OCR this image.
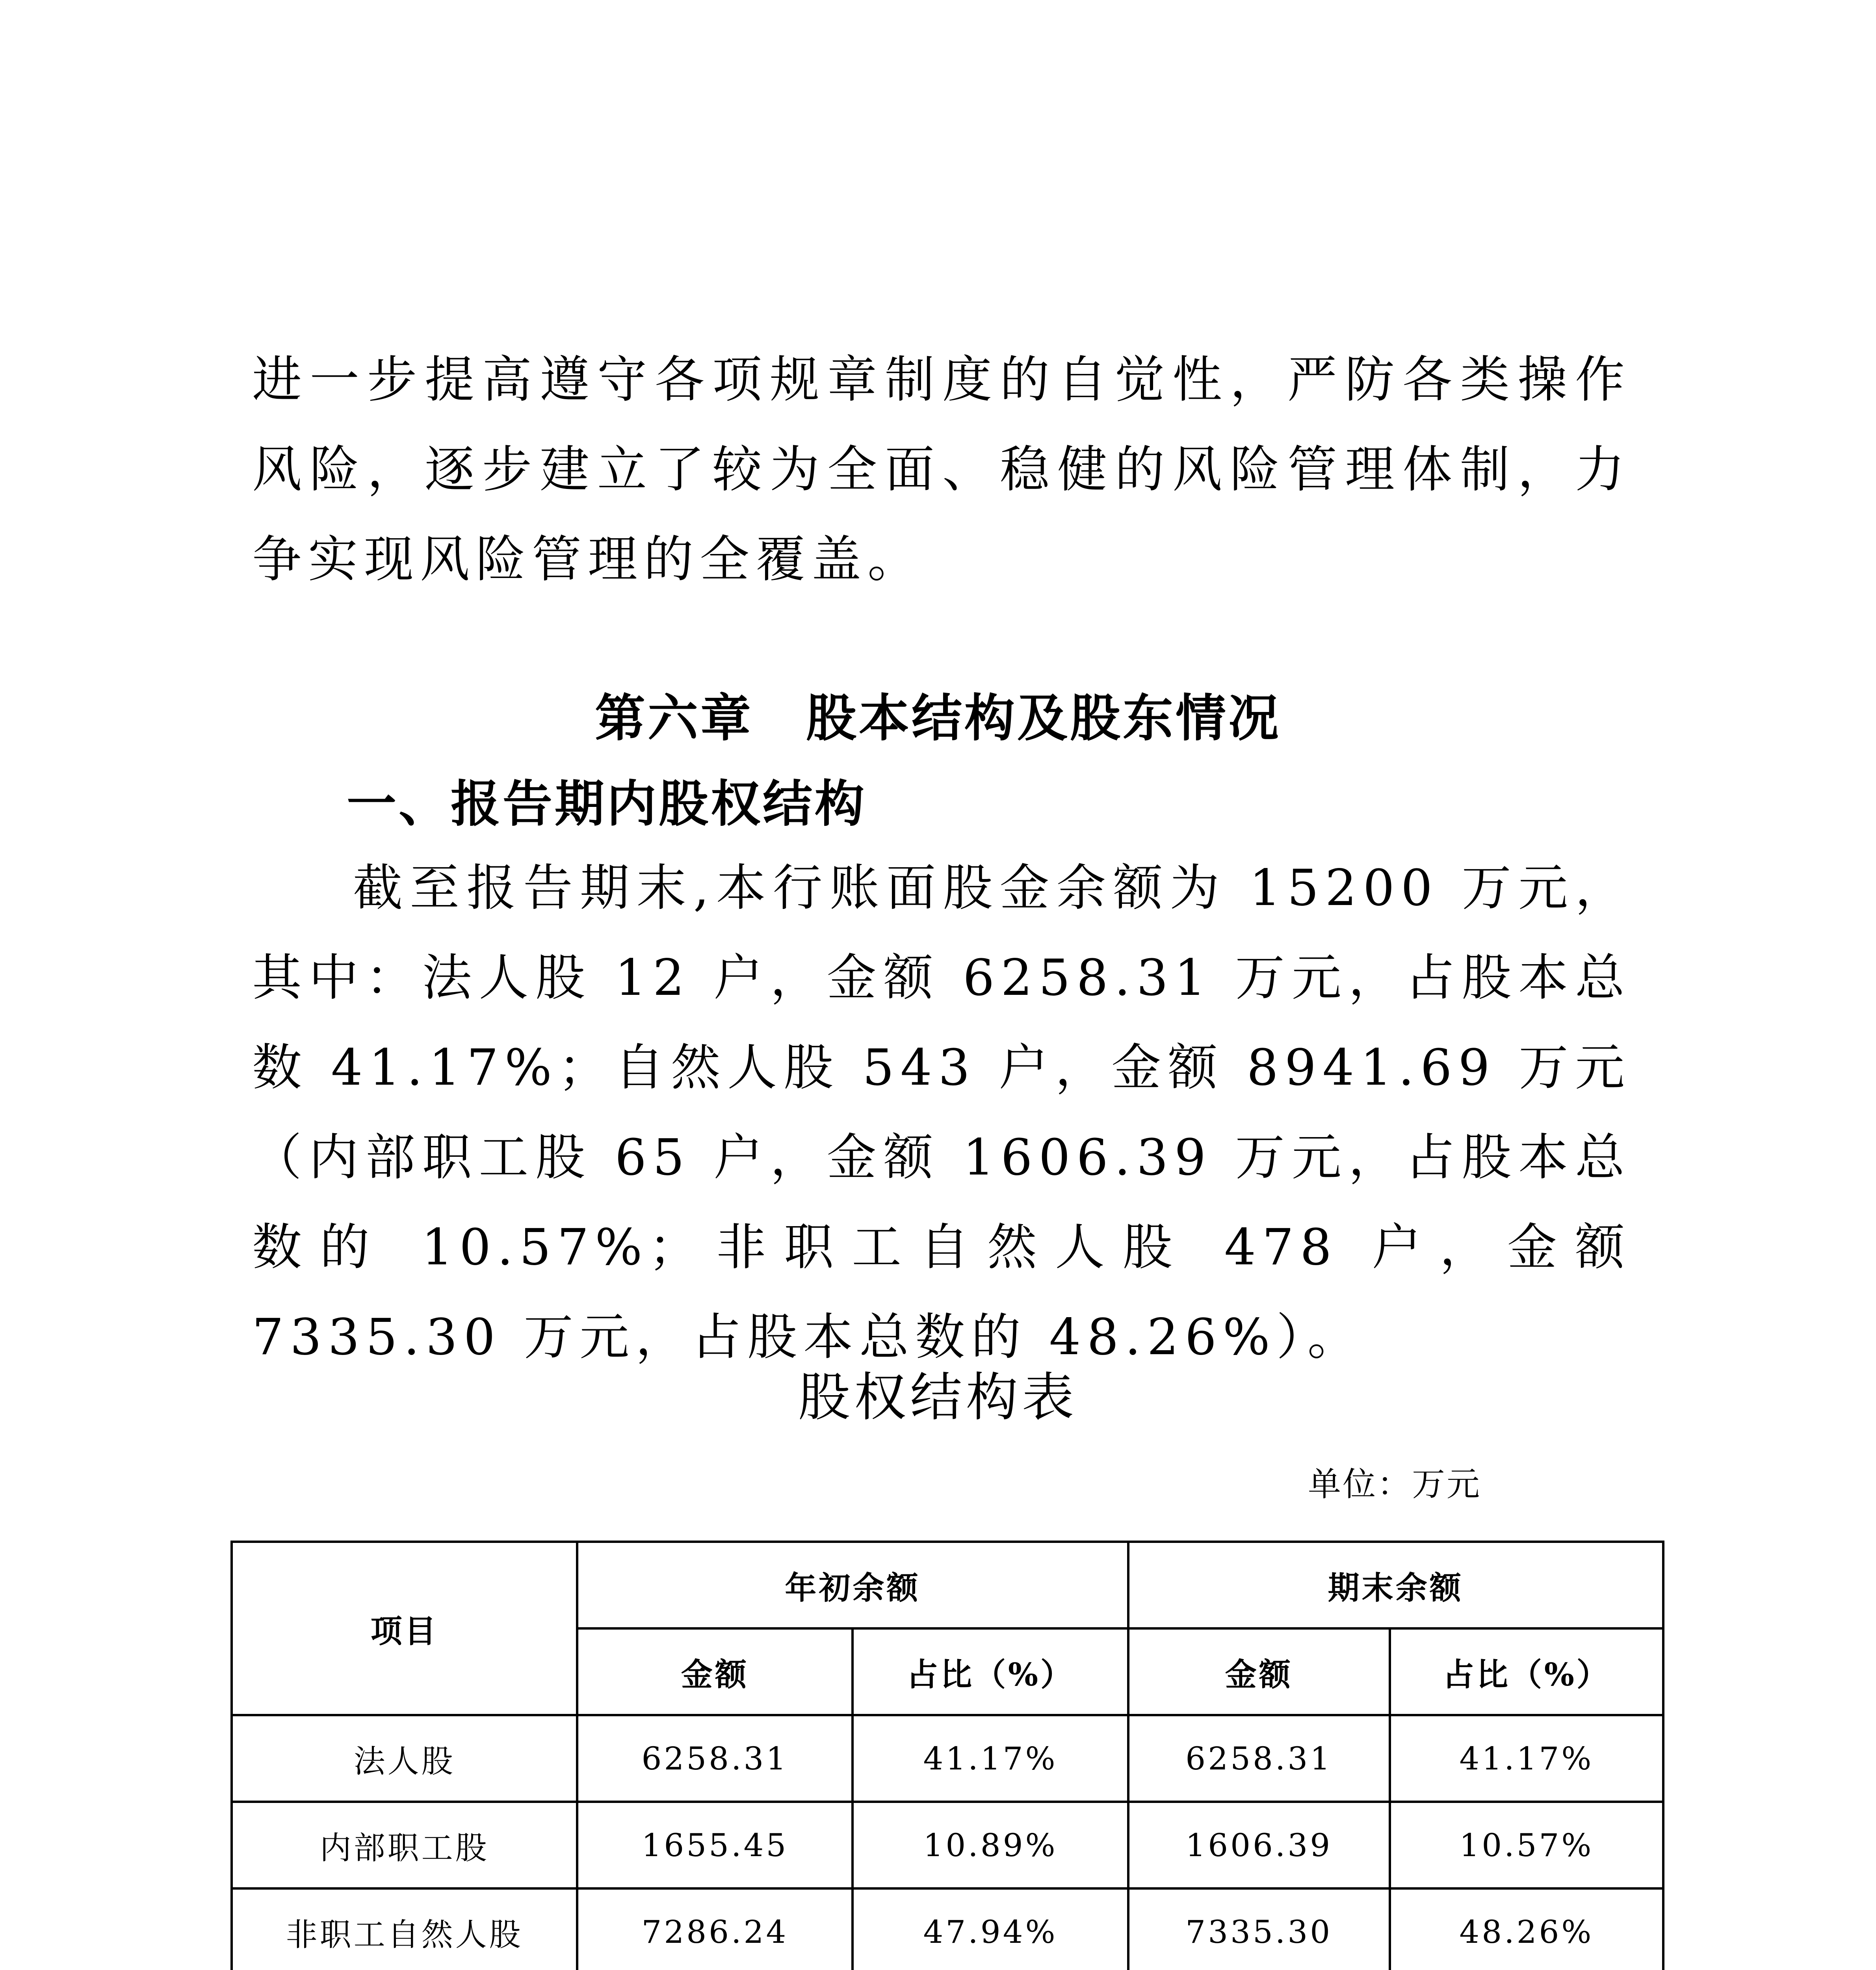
进一步提高遵守各项规章制度的自觉性，严防各类操作风险，逐步建立了较为全面、稳健的风险管理体制，力争实现风险管理的全覆盖。

第六章　股本结构及股东情况
一、报告期内股权结构

截至报告期末,本行账面股金余额为 15200 万元，其中：法人股 12 户，金额 6258.31 万元，占股本总数 41.17%；自然人股 543 户，金额 8941.69 万元（内部职工股 65 户，金额 1606.39 万元，占股本总数的 10.57%；非职工自然人股 478 户，金额 7335.30 万元，占股本总数的 48.26%）。

股权结构表
单位：万元
项目	年初余额		期末余额	
	金额	占比（%）	金额	占比（%）
法人股	6258.31	41.17%	6258.31	41.17%
内部职工股	1655.45	10.89%	1606.39	10.57%
非职工自然人股	7286.24	47.94%	7335.30	48.26%
